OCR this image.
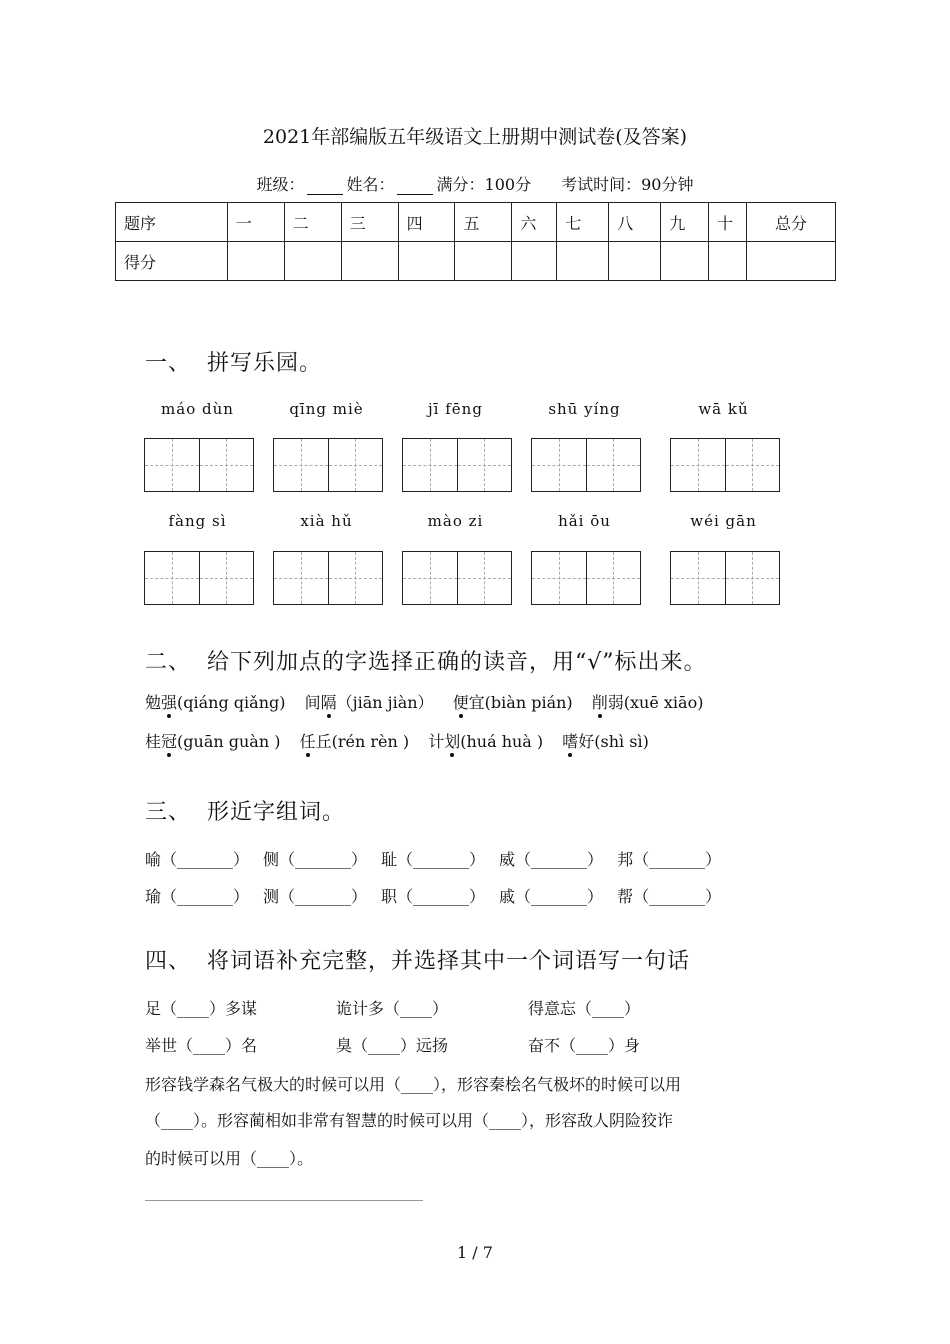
2021年部编版五年级语文上册期中测试卷(及答案)
班级：	姓名：	满分：100分 考试时间：90分钟
题序	一	二	三	四	五	六	七	八	九	十	总分
得分											
一、 拼写乐园。
máo dùn	qīng miè	jī fēng	shū yíng	wā kǔ
fàng sì	xià hǔ	mào zi	hǎi ōu	wéi gān
二、 给下列加点的字选择正确的读音，用“√”标出来。
勉强(qiáng qiǎng) 间隔（jiān jiàn） 便宜(biàn pián) 削弱(xuē xiāo)
桂冠(guān guàn ) 任丘(rén rèn ) 计划(huá huà ) 嗜好(shì sì)
三、 形近字组词。
喻（_______） 侧（_______） 耻（_______） 威（_______） 邦（_______）
瑜（_______） 测（_______） 职（_______） 戚（_______） 帮（_______）
四、 将词语补充完整，并选择其中一个词语写一句话
足（____）多谋	诡计多（____）	得意忘（____）
举世（____）名	臭（____）远扬	奋不（____）身
形容钱学森名气极大的时候可以用（____），形容秦桧名气极坏的时候可以用
（____）。形容蔺相如非常有智慧的时候可以用（____），形容敌人阴险狡诈
的时候可以用（____）。
1 / 7
